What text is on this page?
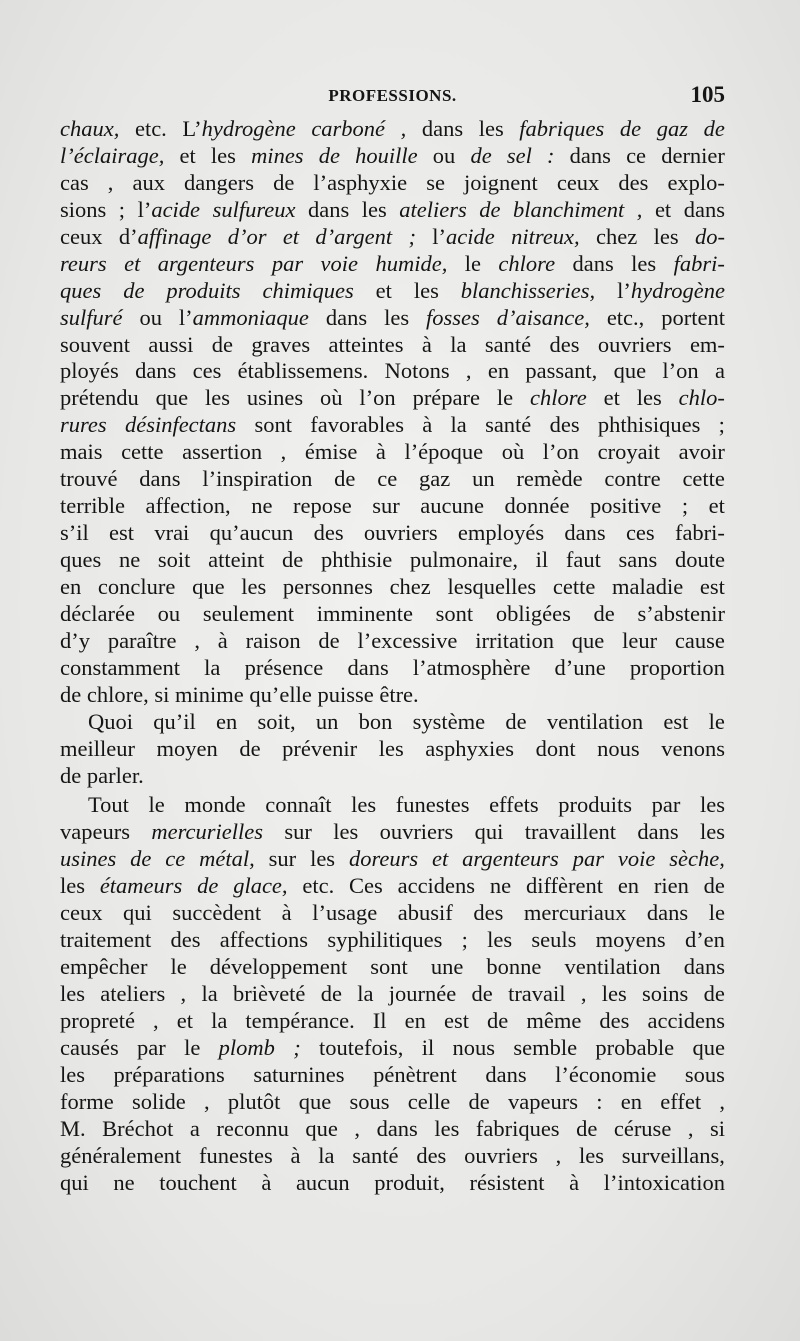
PROFESSIONS.	105
chaux, etc. L’hydrogène carboné , dans les fabriques de gaz de
l’éclairage, et les mines de houille ou de sel : dans ce dernier
cas , aux dangers de l’asphyxie se joignent ceux des explo-
sions ; l’acide sulfureux dans les ateliers de blanchiment , et dans
ceux d’affinage d’or et d’argent ; l’acide nitreux, chez les do-
reurs et argenteurs par voie humide, le chlore dans les fabri-
ques de produits chimiques et les blanchisseries, l’hydrogène
sulfuré ou l’ammoniaque dans les fosses d’aisance, etc., portent
souvent aussi de graves atteintes à la santé des ouvriers em-
ployés dans ces établissemens. Notons , en passant, que l’on a
prétendu que les usines où l’on prépare le chlore et les chlo-
rures désinfectans sont favorables à la santé des phthisiques ;
mais cette assertion , émise à l’époque où l’on croyait avoir
trouvé dans l’inspiration de ce gaz un remède contre cette
terrible affection, ne repose sur aucune donnée positive ; et
s’il est vrai qu’aucun des ouvriers employés dans ces fabri-
ques ne soit atteint de phthisie pulmonaire, il faut sans doute
en conclure que les personnes chez lesquelles cette maladie est
déclarée ou seulement imminente sont obligées de s’abstenir
d’y paraître , à raison de l’excessive irritation que leur cause
constamment la présence dans l’atmosphère d’une proportion
de chlore, si minime qu’elle puisse être.
Quoi qu’il en soit, un bon système de ventilation est le
meilleur moyen de prévenir les asphyxies dont nous venons
de parler.
Tout le monde connaît les funestes effets produits par les
vapeurs mercurielles sur les ouvriers qui travaillent dans les
usines de ce métal, sur les doreurs et argenteurs par voie sèche,
les étameurs de glace, etc. Ces accidens ne diffèrent en rien de
ceux qui succèdent à l’usage abusif des mercuriaux dans le
traitement des affections syphilitiques ; les seuls moyens d’en
empêcher le développement sont une bonne ventilation dans
les ateliers , la brièveté de la journée de travail , les soins de
propreté , et la tempérance. Il en est de même des accidens
causés par le plomb ; toutefois, il nous semble probable que
les préparations saturnines pénètrent dans l’économie sous
forme solide , plutôt que sous celle de vapeurs : en effet ,
M. Bréchot a reconnu que , dans les fabriques de céruse , si
généralement funestes à la santé des ouvriers , les surveillans,
qui ne touchent à aucun produit, résistent à l’intoxication
